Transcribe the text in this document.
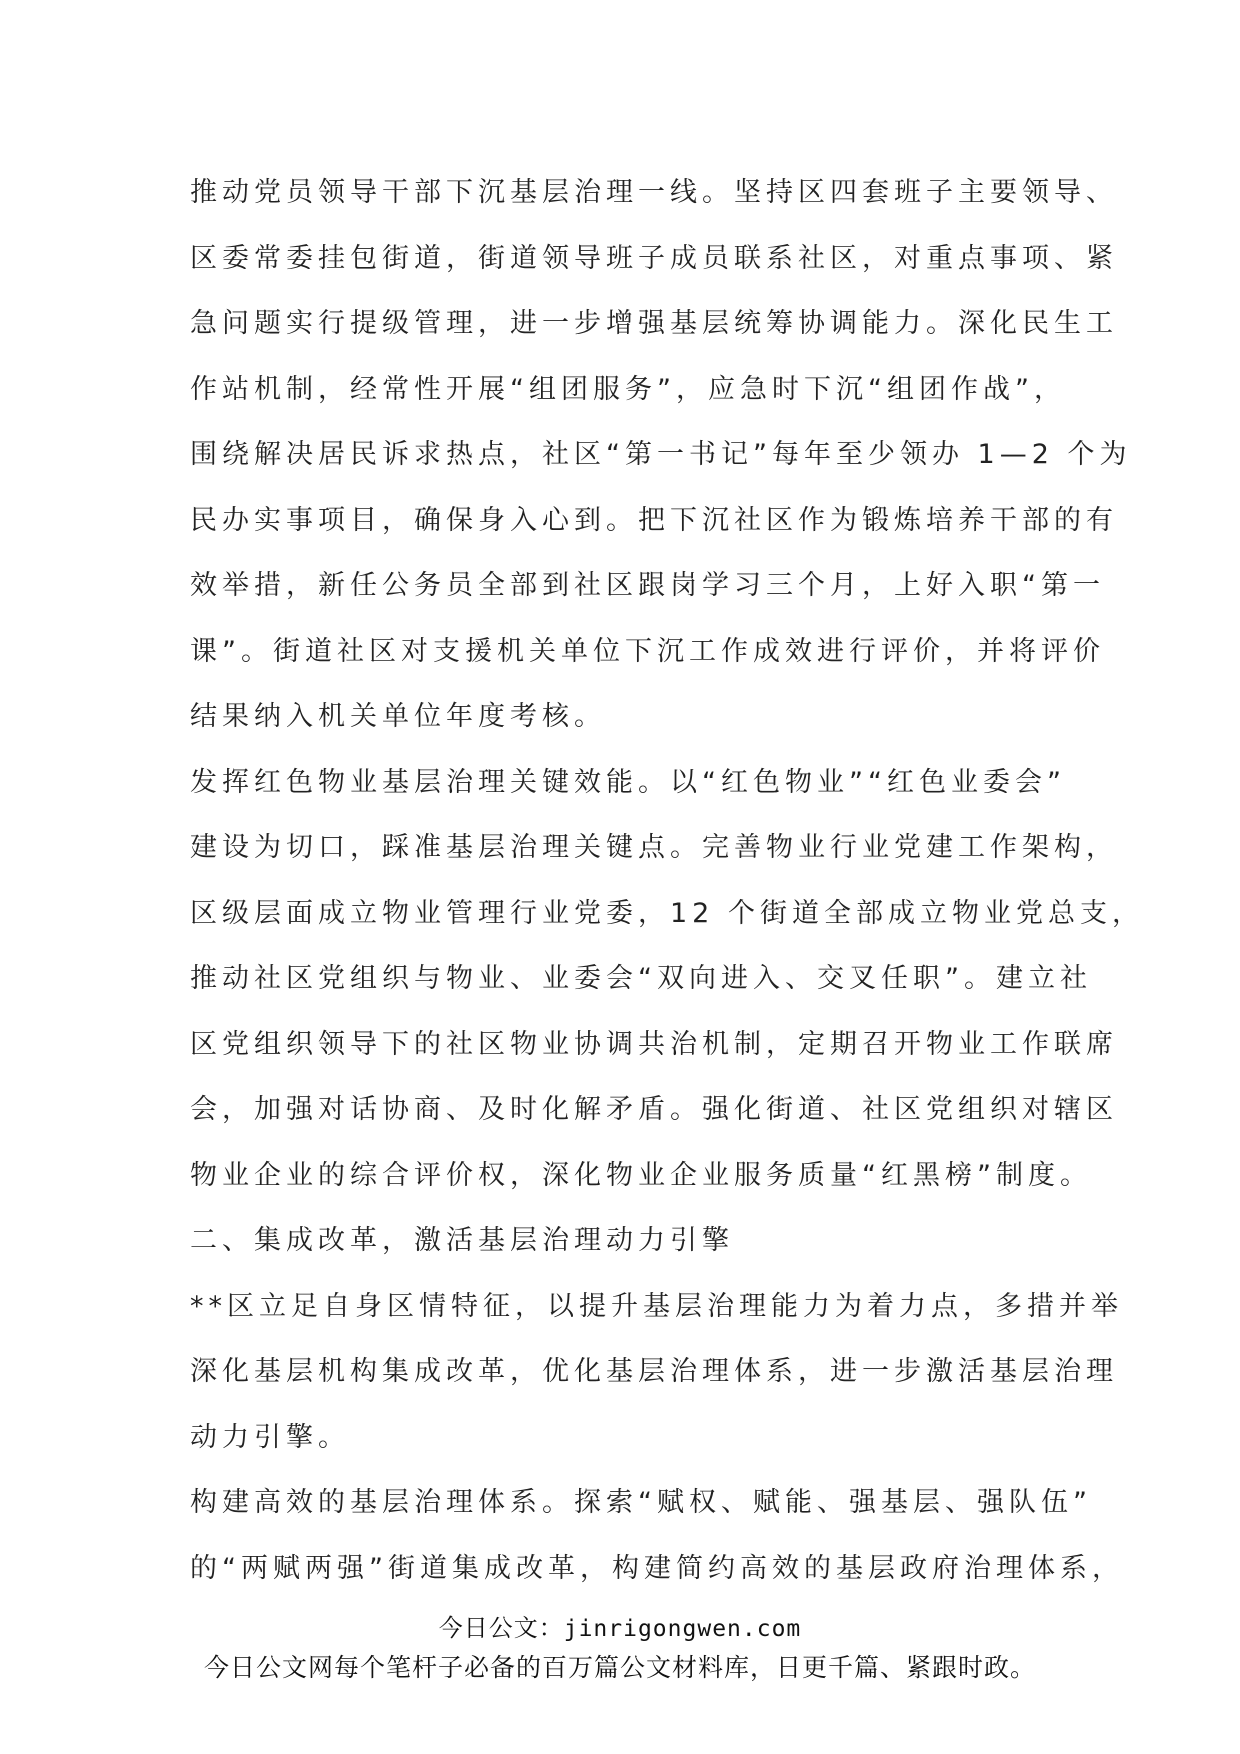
推动党员领导干部下沉基层治理一线。坚持区四套班子主要领导、

区委常委挂包街道，街道领导班子成员联系社区，对重点事项、紧

急问题实行提级管理，进一步增强基层统筹协调能力。深化民生工

作站机制，经常性开展“组团服务”，应急时下沉“组团作战”，

围绕解决居民诉求热点，社区“第一书记”每年至少领办 1—2 个为

民办实事项目，确保身入心到。把下沉社区作为锻炼培养干部的有

效举措，新任公务员全部到社区跟岗学习三个月，上好入职“第一

课”。街道社区对支援机关单位下沉工作成效进行评价，并将评价

结果纳入机关单位年度考核。

发挥红色物业基层治理关键效能。以“红色物业”“红色业委会”

建设为切口，踩准基层治理关键点。完善物业行业党建工作架构，

区级层面成立物业管理行业党委，12 个街道全部成立物业党总支，

推动社区党组织与物业、业委会“双向进入、交叉任职”。建立社

区党组织领导下的社区物业协调共治机制，定期召开物业工作联席

会，加强对话协商、及时化解矛盾。强化街道、社区党组织对辖区

物业企业的综合评价权，深化物业企业服务质量“红黑榜”制度。

二、集成改革，激活基层治理动力引擎

**区立足自身区情特征，以提升基层治理能力为着力点，多措并举

深化基层机构集成改革，优化基层治理体系，进一步激活基层治理

动力引擎。

构建高效的基层治理体系。探索“赋权、赋能、强基层、强队伍”

的“两赋两强”街道集成改革，构建简约高效的基层政府治理体系，

今日公文：jinrigongwen.com
今日公文网每个笔杆子必备的百万篇公文材料库，日更千篇、紧跟时政。
